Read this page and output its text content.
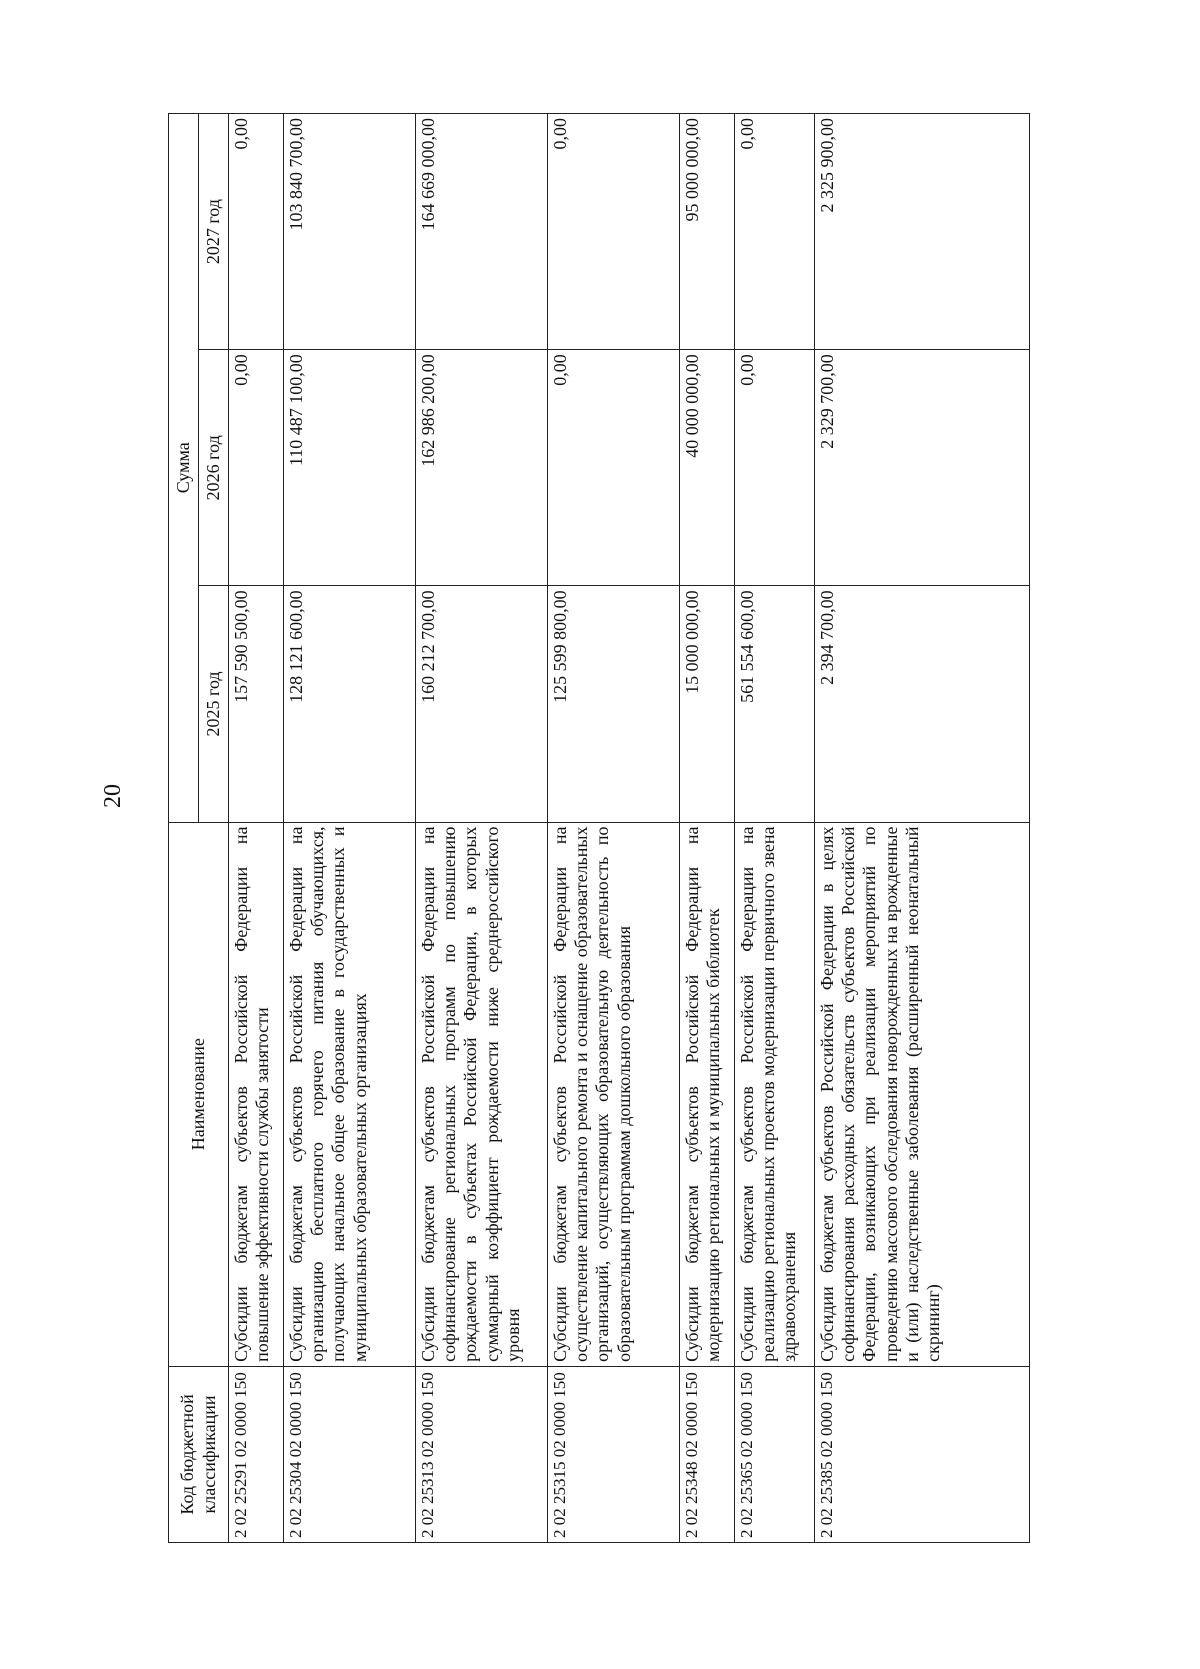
20
Код бюджетной классификации	Наименование	Сумма		
		2025 год	2026 год	2027 год
2 02 25291 02 0000 150	Субсидии бюджетам субъектов Российской Федерации на повышение эффективности службы занятости	157 590 500,00	0,00	0,00
2 02 25304 02 0000 150	Субсидии бюджетам субъектов Российской Федерации на организацию бесплатного горячего питания обучающихся, получающих начальное общее образование в государственных и муниципальных образовательных организациях	128 121 600,00	110 487 100,00	103 840 700,00
2 02 25313 02 0000 150	Субсидии бюджетам субъектов Российской Федерации на софинансирование региональных программ по повышению рождаемости в субъектах Российской Федерации, в которых суммарный коэффициент рождаемости ниже среднероссийского уровня	160 212 700,00	162 986 200,00	164 669 000,00
2 02 25315 02 0000 150	Субсидии бюджетам субъектов Российской Федерации на осуществление капитального ремонта и оснащение образовательных организаций, осуществляющих образовательную деятельность по образовательным программам дошкольного образования	125 599 800,00	0,00	0,00
2 02 25348 02 0000 150	Субсидии бюджетам субъектов Российской Федерации на модернизацию региональных и муниципальных библиотек	15 000 000,00	40 000 000,00	95 000 000,00
2 02 25365 02 0000 150	Субсидии бюджетам субъектов Российской Федерации на реализацию региональных проектов модернизации первичного звена здравоохранения	561 554 600,00	0,00	0,00
2 02 25385 02 0000 150	Субсидии бюджетам субъектов Российской Федерации в целях софинансирования расходных обязательств субъектов Российской Федерации, возникающих при реализации мероприятий по проведению массового обследования новорожденных на врожденные и (или) наследственные заболевания (расширенный неонатальный скрининг)	2 394 700,00	2 329 700,00	2 325 900,00
